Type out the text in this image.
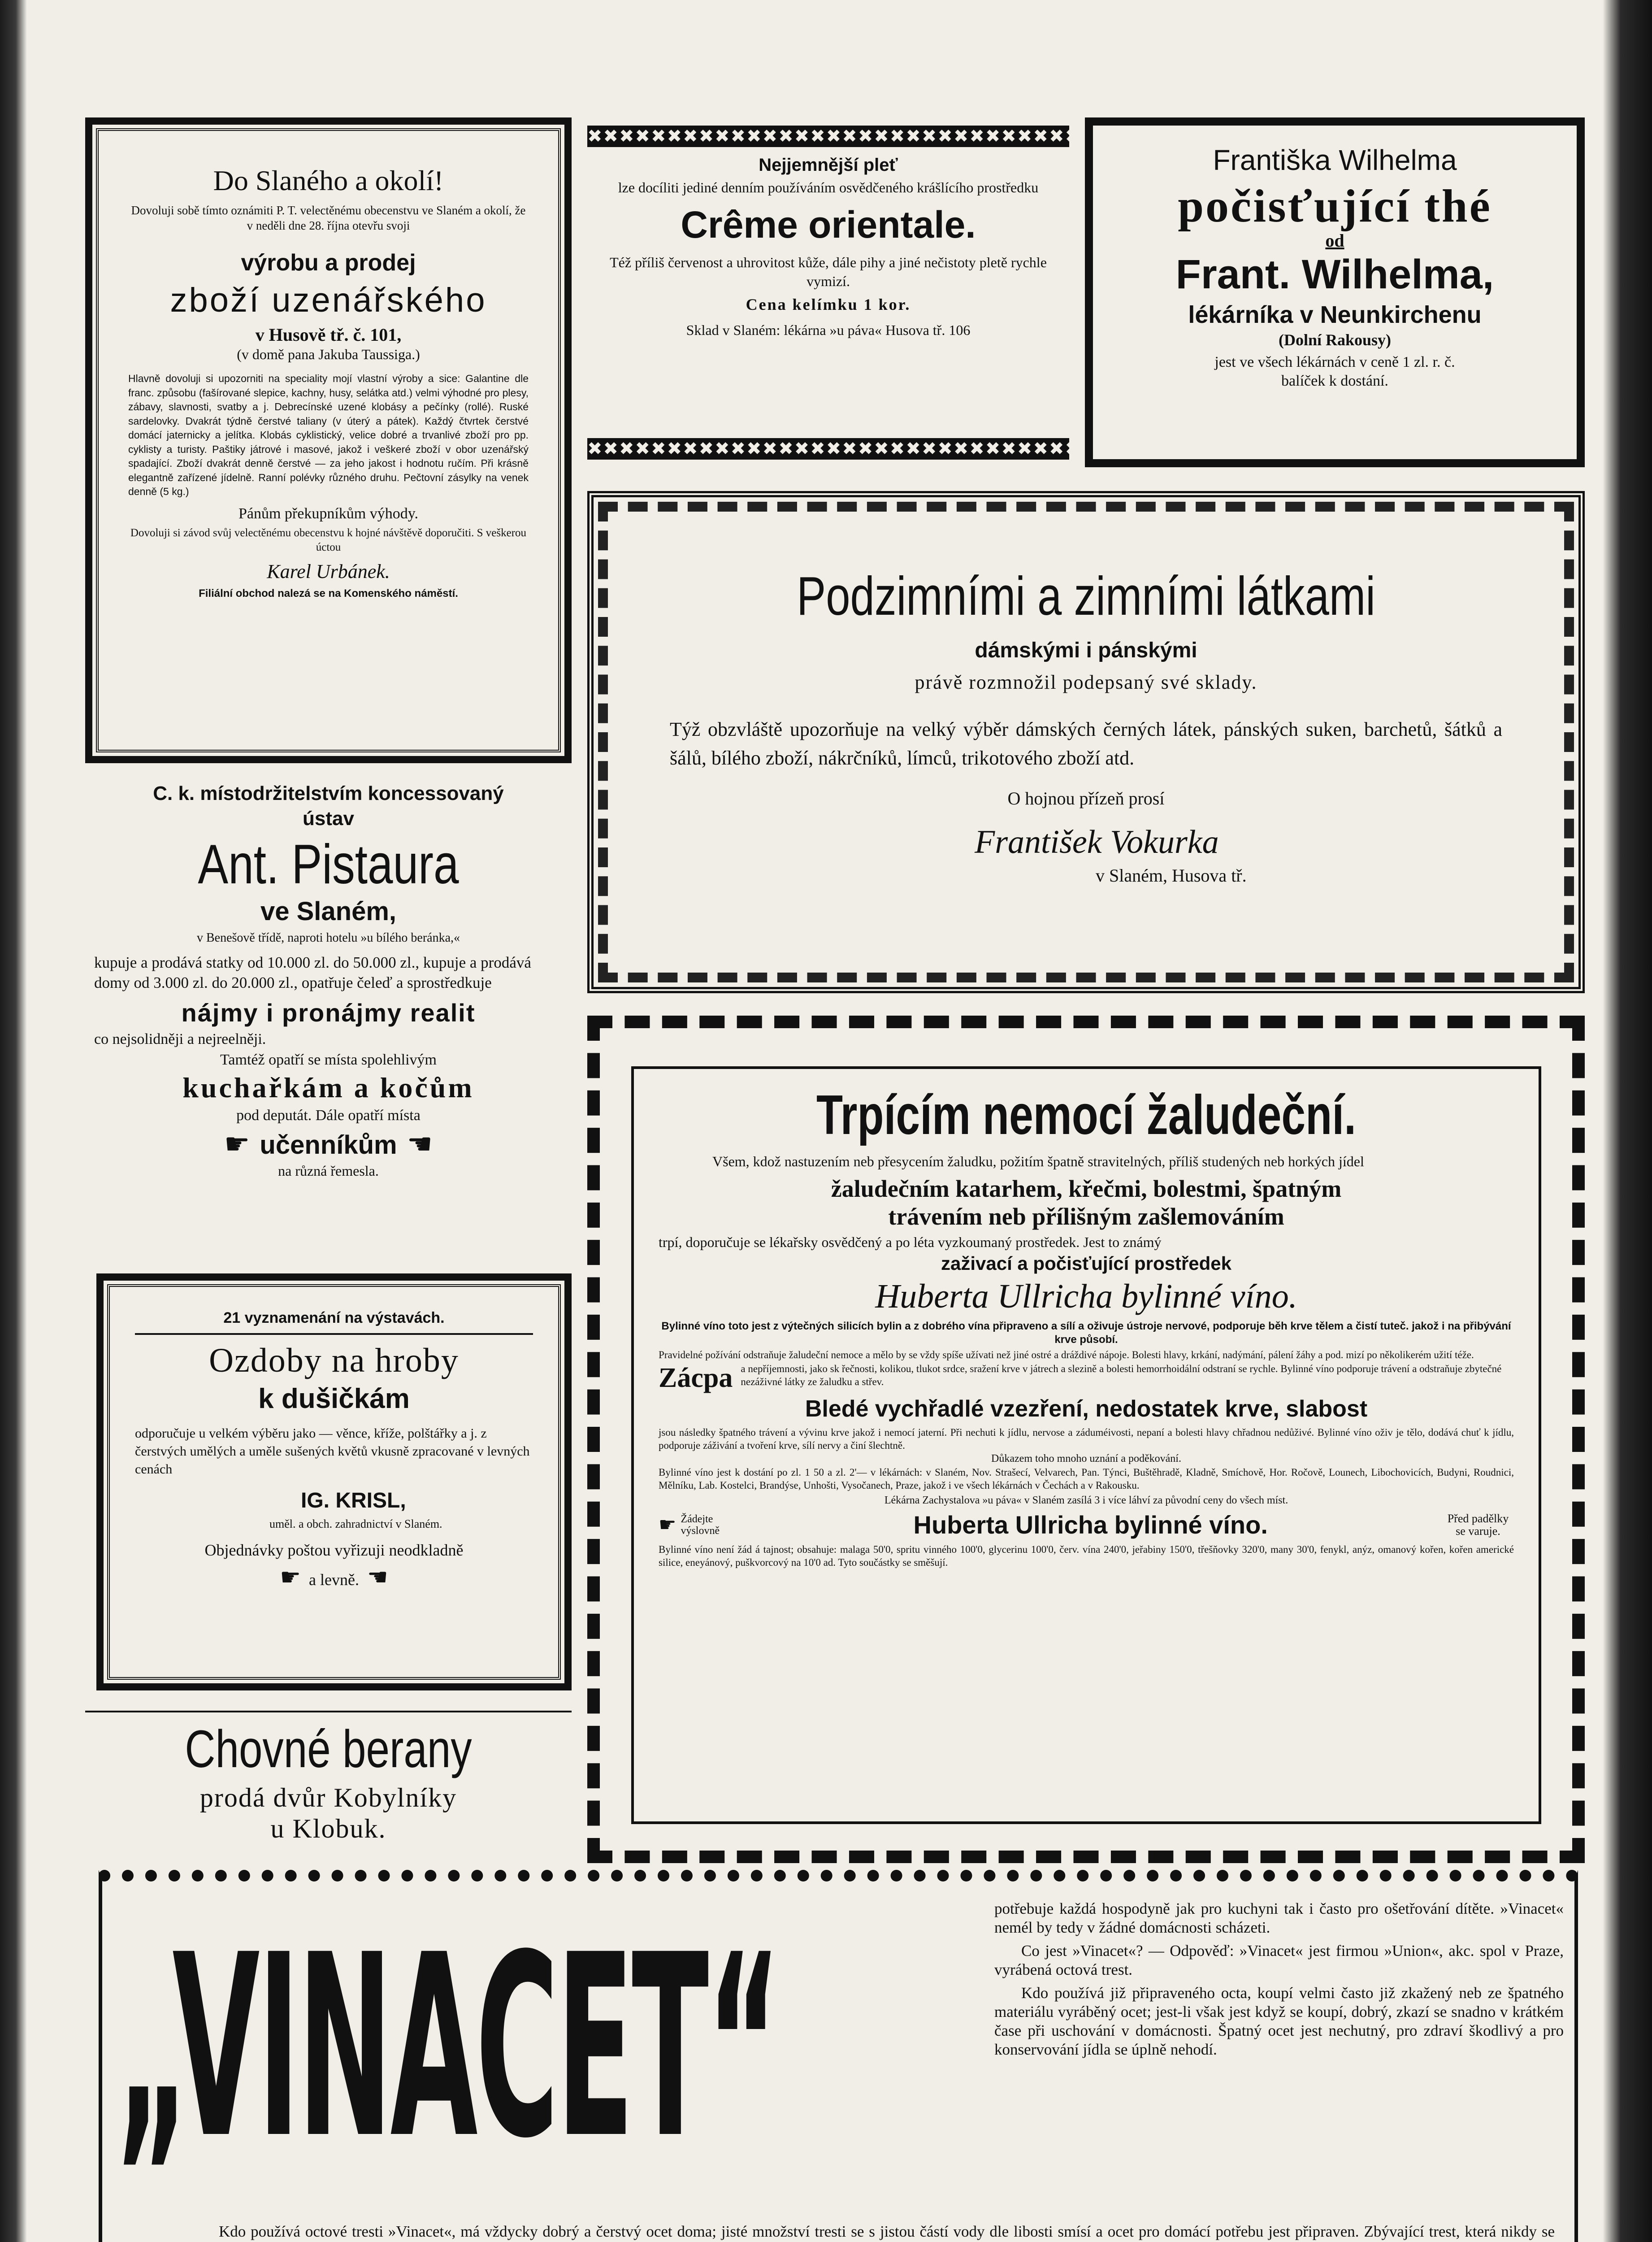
Do Slaného a okolí!

Dovoluji sobě tímto oznámiti P. T. velectěnému obecenstvu ve Slaném a okolí, že v neděli dne 28. října otevřu svoji

výrobu a prodej

zboží uzenářského

v Husově tř. č. 101,

(v domě pana Jakuba Taussiga.)

Hlavně dovoluji si upozorniti na speciality mojí vlastní výroby a sice: Galantine dle franc. způsobu (fašírované slepice, kachny, husy, selátka atd.) velmi výhodné pro plesy, zábavy, slavnosti, svatby a j. Debrecínské uzené klobásy a pečínky (rollé). Ruské sardelovky. Dvakrát týdně čerstvé taliany (v úterý a pátek). Každý čtvrtek čerstvé domácí jaternicky a jelítka. Klobás cyklistický, velice dobré a trvanlivé zboží pro pp. cyklisty a turisty. Paštiky játrové i masové, jakož i veškeré zboží v obor uzenářský spadající. Zboží dvakrát denně čerstvé — za jeho jakost i hodnotu ručím. Při krásně elegantně zařízené jídelně. Ranní polévky různého druhu. Pečtovní zásylky na venek denně (5 kg.)

Pánům překupníkům výhody.

Dovoluji si závod svůj velectěnému obecenstvu k hojné návštěvě doporučiti. S veškerou úctou

Karel Urbánek.

Filiální obchod nalezá se na Komenského náměstí.

✖✖✖✖✖✖✖✖✖✖✖✖✖✖✖✖✖✖✖✖✖✖✖✖✖✖✖✖✖✖✖✖✖✖

Nejjemnější pleť

lze docíliti jediné denním používáním osvědčeného krášlícího prostředku

Crême orientale.

Též příliš červenost a uhrovitost kůže, dále pihy a jiné nečistoty pletě rychle vymizí.

Cena kelímku 1 kor.

Sklad v Slaném: lékárna »u páva« Husova tř. 106

✖✖✖✖✖✖✖✖✖✖✖✖✖✖✖✖✖✖✖✖✖✖✖✖✖✖✖✖✖✖✖✖✖✖

Františka Wilhelma

počisťující thé

od

Frant. Wilhelma,

lékárníka v Neunkirchenu

(Dolní Rakousy)

jest ve všech lékárnách v ceně 1 zl. r. č.

balíček k dostání.

Podzimními a zimními látkami

dámskými i pánskými

právě rozmnožil podepsaný své sklady.

Týž obzvláště upozorňuje na velký výběr dámských černých látek, pánských suken, barchetů, šátků a šálů, bílého zboží, nákrčníků, límců, trikotového zboží atd.

O hojnou přízeň prosí

František Vokurka

v Slaném, Husova tř.

C. k. místodržitelstvím koncessovaný

ústav

Ant. Pistaura

ve Slaném,

v Benešově třídě, naproti hotelu »u bílého beránka,«

kupuje a prodává statky od 10.000 zl. do 50.000 zl., kupuje a prodává domy od 3.000 zl. do 20.000 zl., opatřuje čeleď a sprostředkuje

nájmy i pronájmy realit

co nejsolidněji a nejreelněji.

Tamtéž opatří se místa spolehlivým

kuchařkám a kočům

pod deputát. Dále opatří místa

☛ učenníkům ☚

na různá řemesla.

21 vyznamenání na výstavách.

Ozdoby na hroby

k dušičkám

odporučuje u velkém výběru jako — věnce, kříže, polštářky a j. z čerstvých umělých a uměle sušených květů vkusně zpracované v levných cenách

IG. KRISL,

uměl. a obch. zahradnictví v Slaném.

Objednávky poštou vyřizuji neodkladně

☛ a levně. ☚

Chovné berany

prodá dvůr Kobylníky

u Klobuk.

Trpícím nemocí žaludeční.

Všem, kdož nastuzením neb přesycením žaludku, požitím špatně stravitelných, příliš studených neb horkých jídel

žaludečním katarhem, křečmi, bolestmi, špatným

trávením neb přílišným zašlemováním

trpí, doporučuje se lékařsky osvědčený a po léta vyzkoumaný prostředek. Jest to známý

zaživací a počisťující prostředek

Huberta Ullricha bylinné víno.

Bylinné víno toto jest z výtečných silicích bylin a z dobrého vína připraveno a sílí a oživuje ústroje nervové, podporuje běh krve tělem a čistí tuteč. jakož i na přibývání krve působí.

Pravidelné požívání odstraňuje žaludeční nemoce a mělo by se vždy spíše užívati než jiné ostré a dráždivé nápoje. Bolesti hlavy, krkání, nadýmání, pálení žáhy a pod. mizí po několikerém užití téže.

Zácpa a nepříjemnosti, jako sk řečnosti, kolikou, tlukot srdce, sražení krve v játrech a slezině a bolesti hemorrhoidální odstraní se rychle. Bylinné víno podporuje trávení a odstraňuje zbytečné nezáživné látky ze žaludku a střev.

Bledé vychřadlé vzezření, nedostatek krve, slabost

jsou následky špatného trávení a vývinu krve jakož i nemocí jaterní. Při nechuti k jídlu, nervose a záduméivosti, nepaní a bolesti hlavy chřadnou nedůživé. Bylinné víno oživ je tělo, dodává chuť k jídlu, podporuje záživání a tvoření krve, sílí nervy a činí šlechtně.

Důkazem toho mnoho uznání a poděkování.

Bylinné víno jest k dostání po zl. 1 50 a zl. 2'— v lékárnách: v Slaném, Nov. Strašecí, Velvarech, Pan. Týnci, Buštěhradě, Kladně, Smíchově, Hor. Ročově, Lounech, Libochovicích, Budyni, Roudnici, Mělníku, Lab. Kostelci, Brandýse, Unhošti, Vysočanech, Praze, jakož i ve všech lékárnách v Čechách a v Rakousku.

Lékárna Zachystalova »u páva« v Slaném zasílá 3 i více láhví za původní ceny do všech míst.

☛ Žádejte výslovně	Huberta Ullricha bylinné víno.	Před padělky se varuje.

Bylinné víno není žád á tajnost; obsahuje: malaga 50'0, spritu vinného 100'0, glycerinu 100'0, červ. vína 240'0, jeřabiny 150'0, třešňovky 320'0, many 30'0, fenykl, anýz, omanový kořen, kořen americké silice, eneyánový, puškvorcový na 10'0 ad. Tyto součástky se směšují.

„VINACET“	potřebuje každá hospodyně jak pro kuchyni tak i často pro ošetřování dítěte. »Vinacet« nemél by tedy v žádné domácnosti scházeti.

Co jest »Vinacet«? — Odpověď: »Vinacet« jest firmou »Union«, akc. spol v Praze, vyrábená octová trest.

Kdo používá již připraveného octa, koupí velmi často již zkažený neb ze špatného materiálu vyráběný ocet; jest-li však jest když se koupí, dobrý, zkazí se snadno v krátkém čase při uschování v domácnosti. Špatný ocet jest nechutný, pro zdraví škodlivý a pro konservování jídla se úplně nehodí.

Kdo používá octové tresti »Vinacet«, má vždycky dobrý a čerstvý ocet doma; jisté množství tresti se s jistou částí vody dle libosti smísí a ocet pro domácí potřebu jest připraven. Zbývající trest, která nikdy se
